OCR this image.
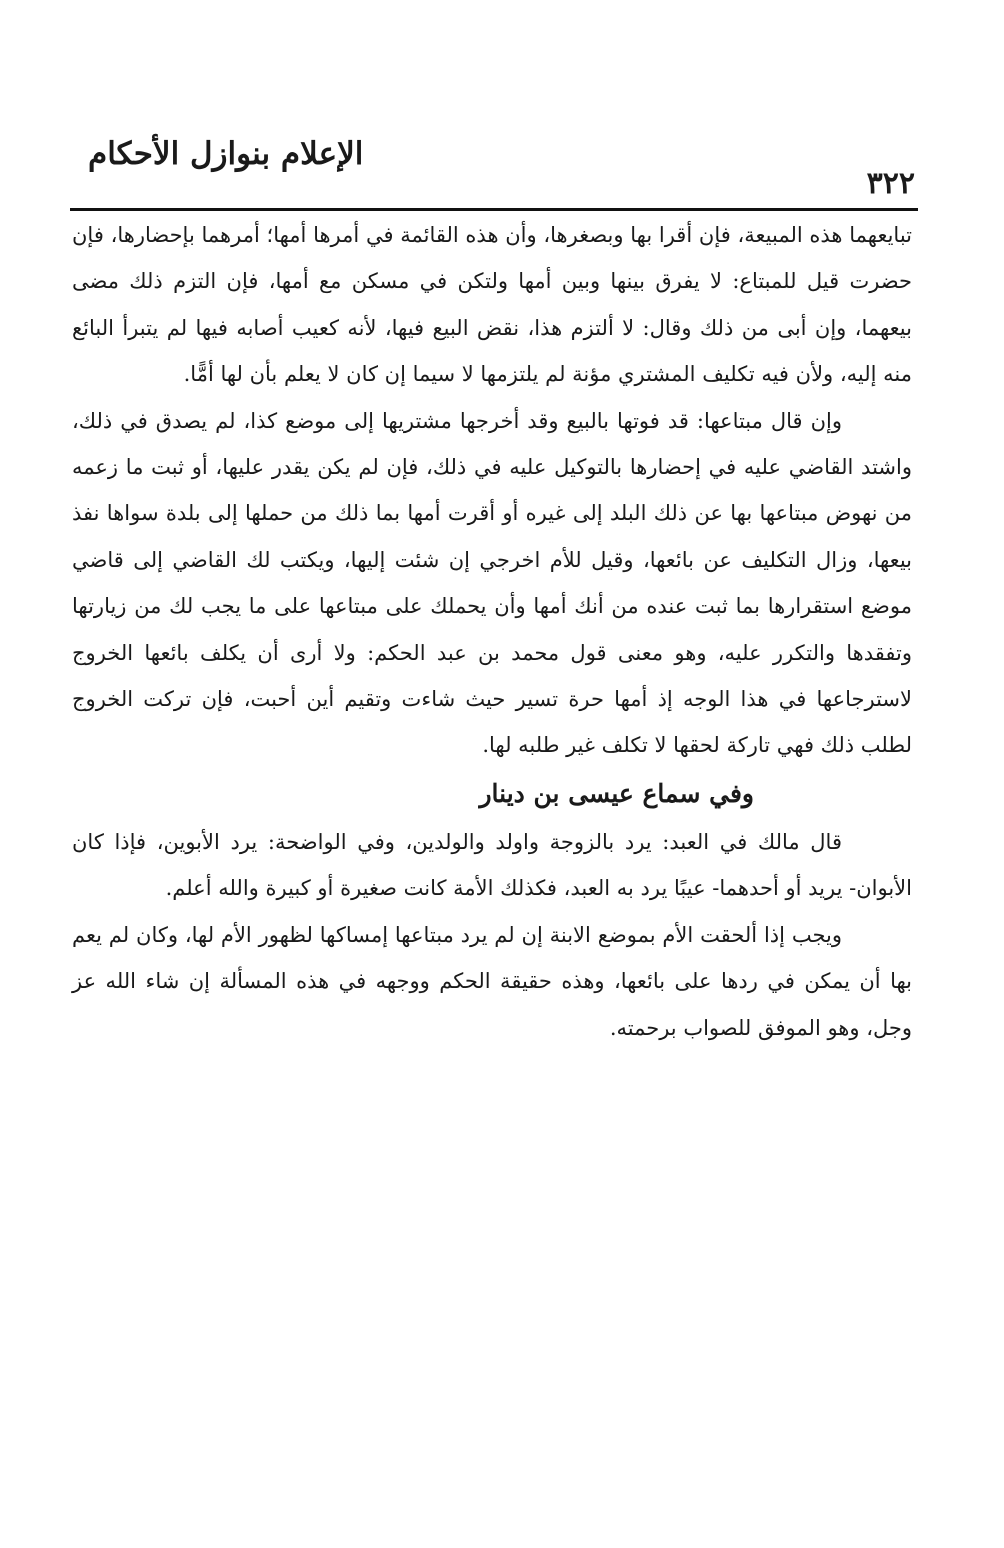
٣٢٢
الإعلام بنوازل الأحكام

تبايعهما هذه المبيعة، فإن أقرا بها وبصغرها، وأن هذه القائمة في أمرها أمها؛ أمرهما بإحضارها، فإن حضرت قيل للمبتاع: لا يفرق بينها وبين أمها ولتكن في مسكن مع أمها، فإن التزم ذلك مضى بيعهما، وإن أبى من ذلك وقال: لا ألتزم هذا، نقض البيع فيها، لأنه كعيب أصابه فيها لم يتبرأ البائع منه إليه، ولأن فيه تكليف المشتري مؤنة لم يلتزمها لا سيما إن كان لا يعلم بأن لها أمًّا.

وإن قال مبتاعها: قد فوتها بالبيع وقد أخرجها مشتريها إلى موضع كذا، لم يصدق في ذلك، واشتد القاضي عليه في إحضارها بالتوكيل عليه في ذلك، فإن لم يكن يقدر عليها، أو ثبت ما زعمه من نهوض مبتاعها بها عن ذلك البلد إلى غيره أو أقرت أمها بما ذلك من حملها إلى بلدة سواها نفذ بيعها، وزال التكليف عن بائعها، وقيل للأم اخرجي إن شئت إليها، ويكتب لك القاضي إلى قاضي موضع استقرارها بما ثبت عنده من أنك أمها وأن يحملك على مبتاعها على ما يجب لك من زيارتها وتفقدها والتكرر عليه، وهو معنى قول محمد بن عبد الحكم: ولا أرى أن يكلف بائعها الخروج لاسترجاعها في هذا الوجه إذ أمها حرة تسير حيث شاءت وتقيم أين أحبت، فإن تركت الخروج لطلب ذلك فهي تاركة لحقها لا تكلف غير طلبه لها.

وفي سماع عيسى بن دينار

قال مالك في العبد: يرد بالزوجة واولد والولدين، وفي الواضحة: يرد الأبوين، فإذا كان الأبوان- يريد أو أحدهما- عيبًا يرد به العبد، فكذلك الأمة كانت صغيرة أو كبيرة والله أعلم.

ويجب إذا ألحقت الأم بموضع الابنة إن لم يرد مبتاعها إمساكها لظهور الأم لها، وكان لم يعم بها أن يمكن في ردها على بائعها، وهذه حقيقة الحكم ووجهه في هذه المسألة إن شاء الله عز وجل، وهو الموفق للصواب برحمته.
